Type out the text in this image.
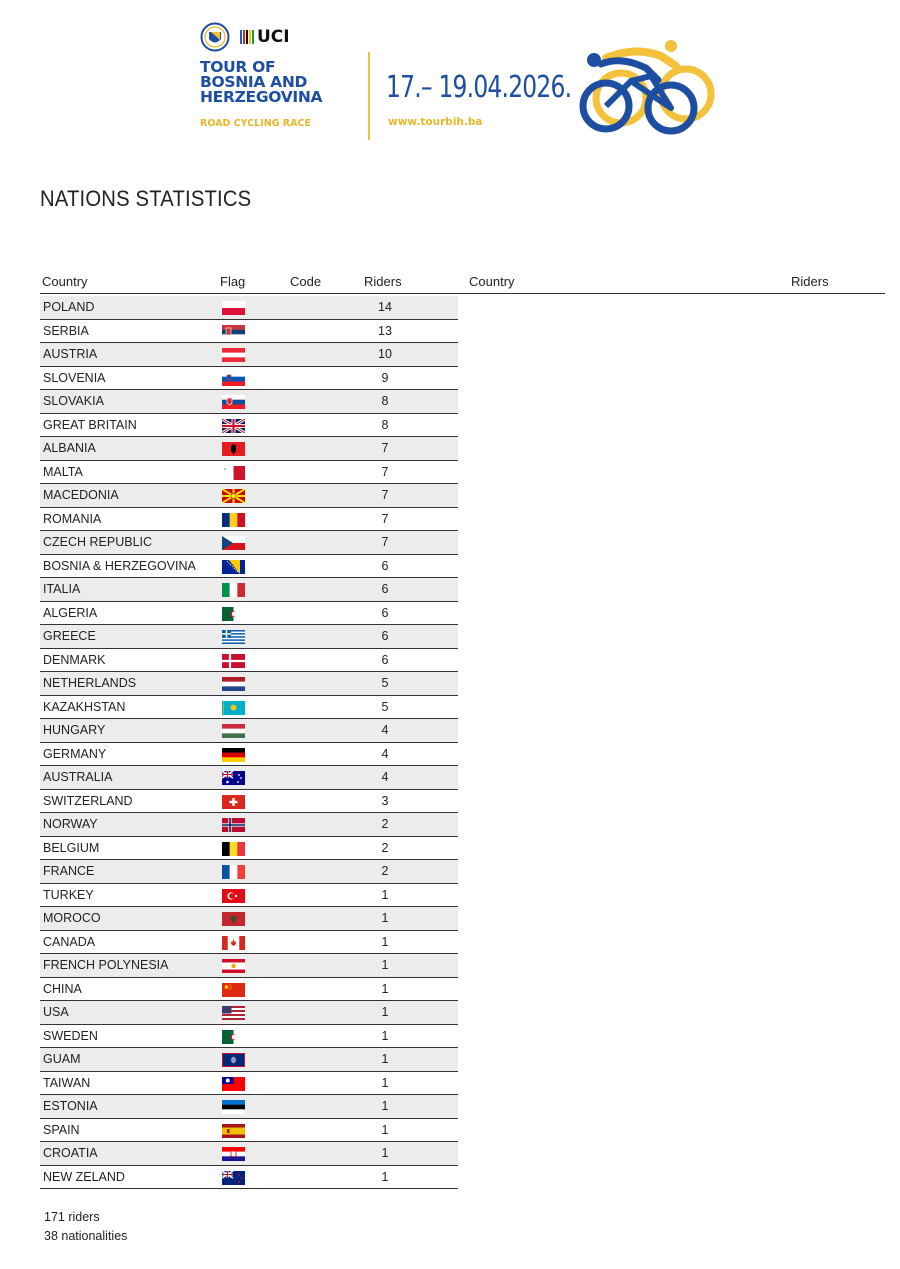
UCI
TOUR OF
BOSNIA AND
HERZEGOVINA
ROAD CYCLING RACE
17.– 19.04.2026.
www.tourbih.ba
NATIONS STATISTICS
Country	Flag	Code	Riders	Country	Riders
POLAND	14
SERBIA	13
AUSTRIA	10
SLOVENIA	9
SLOVAKIA	8
GREAT BRITAIN	8
ALBANIA	7
MALTA	7
MACEDONIA	7
ROMANIA	7
CZECH REPUBLIC	7
BOSNIA & HERZEGOVINA	6
ITALIA	6
ALGERIA	6
GREECE	6
DENMARK	6
NETHERLANDS	5
KAZAKHSTAN	5
HUNGARY	4
GERMANY	4
AUSTRALIA	4
SWITZERLAND	3
NORWAY	2
BELGIUM	2
FRANCE	2
TURKEY	1
MOROCO	1
CANADA	1
FRENCH POLYNESIA	1
CHINA	1
USA	1
SWEDEN	1
GUAM	1
TAIWAN	1
ESTONIA	1
SPAIN	1
CROATIA	1
NEW ZELAND	1
171 riders
38 nationalities
